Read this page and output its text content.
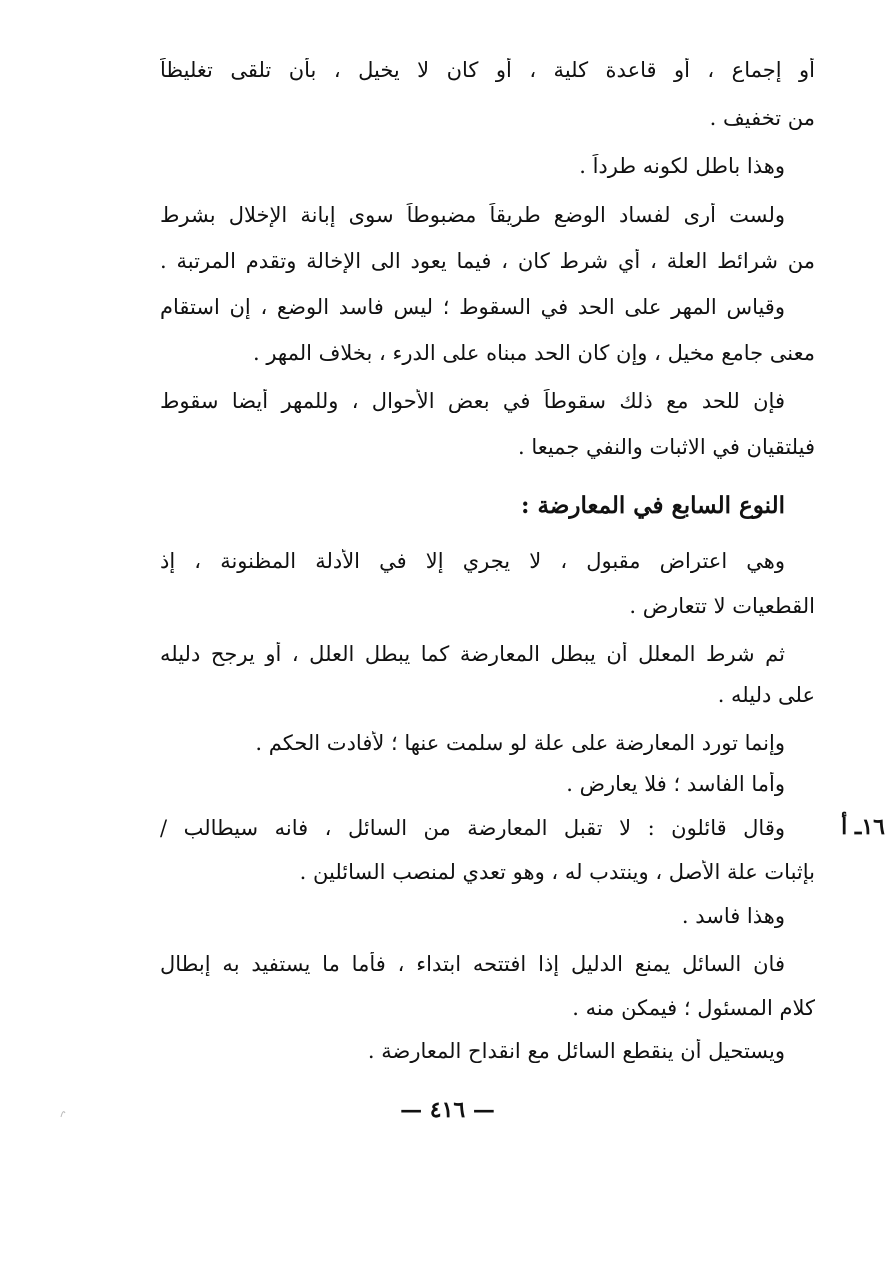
أو إجماع ، أو قاعدة كلية ، أو كان لا يخيل ، بأن تلقى تغليظاً
من تخفيف .
وهذا باطل لكونه طرداً .
ولست أرى لفساد الوضع طريقاً مضبوطاً سوى إبانة الإخلال بشرط
من شرائط العلة ، أي شرط كان ، فيما يعود الى الإخالة وتقدم المرتبة .
وقياس المهر على الحد في السقوط ؛ ليس فاسد الوضع ، إن استقام
معنى جامع مخيل ، وإن كان الحد مبناه على الدرء ، بخلاف المهر .
فإن للحد مع ذلك سقوطاً في بعض الأحوال ، وللمهر أيضا سقوط
فيلتقيان في الاثبات والنفي جميعا .
النوع السابع في المعارضة :
وهي اعتراض مقبول ، لا يجري إلا في الأدلة المظنونة ، إذ
القطعيات لا تتعارض .
ثم شرط المعلل أن يبطل المعارضة كما يبطل العلل ، أو يرجح دليله
على دليله .
وإنما تورد المعارضة على علة لو سلمت عنها ؛ لأفادت الحكم .
وأما الفاسد ؛ فلا يعارض .
وقال قائلون : لا تقبل المعارضة من السائل ، فانه سيطالب /
بإثبات علة الأصل ، وينتدب له ، وهو تعدي لمنصب السائلين .
وهذا فاسد .
فان السائل يمنع الدليل إذا افتتحه ابتداء ، فأما ما يستفيد به إبطال
كلام المسئول ؛ فيمكن منه .
ويستحيل أن ينقطع السائل مع انقداح المعارضة .
١٦ـ أ
— ٤١٦ —
